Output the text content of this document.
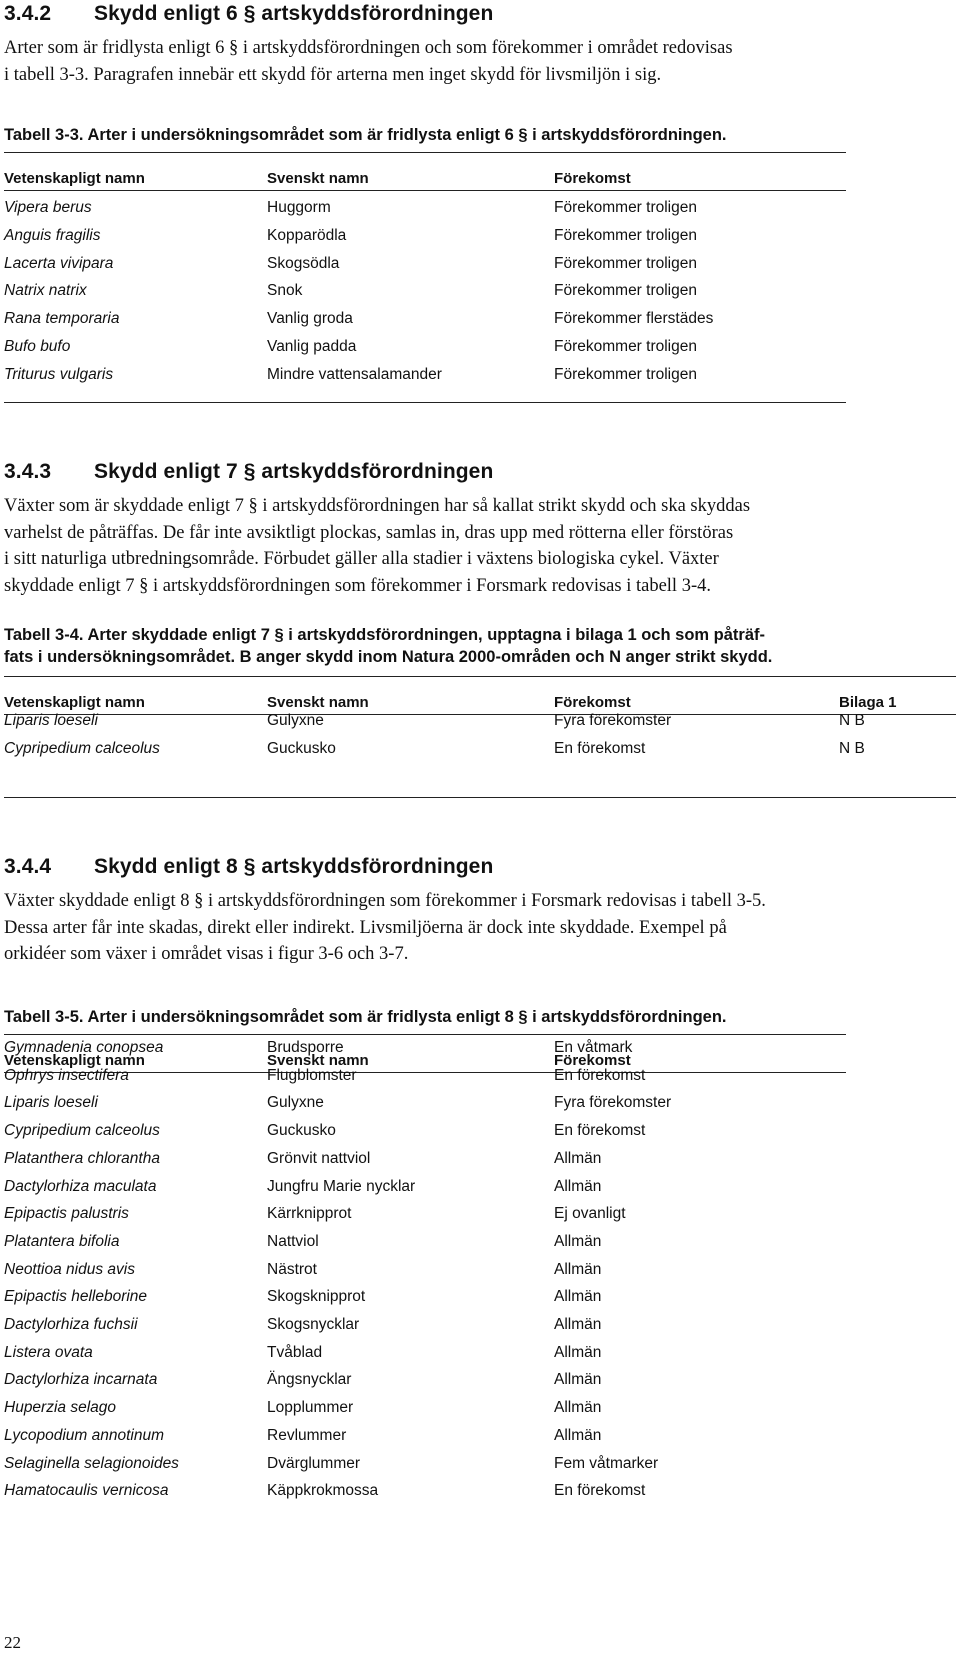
3.4.2 Skydd enligt 6 § artskyddsförordningen
Arter som är fridlysta enligt 6 § i artskyddsförordningen och som förekommer i området redovisas
i tabell 3-3. Paragrafen innebär ett skydd för arterna men inget skydd för livsmiljön i sig.
Tabell 3-3. Arter i undersökningsområdet som är fridlysta enligt 6 § i artskyddsförordningen.
Vetenskapligt namn	Svenskt namn	Förekomst
Vipera berus	Huggorm	Förekommer troligen
Anguis fragilis	Kopparödla	Förekommer troligen
Lacerta vivipara	Skogsödla	Förekommer troligen
Natrix natrix	Snok	Förekommer troligen
Rana temporaria	Vanlig groda	Förekommer flerstädes
Bufo bufo	Vanlig padda	Förekommer troligen
Triturus vulgaris	Mindre vattensalamander	Förekommer troligen
3.4.3 Skydd enligt 7 § artskyddsförordningen
Växter som är skyddade enligt 7 § i artskyddsförordningen har så kallat strikt skydd och ska skyddas
varhelst de påträffas. De får inte avsiktligt plockas, samlas in, dras upp med rötterna eller förstöras
i sitt naturliga utbredningsområde. Förbudet gäller alla stadier i växtens biologiska cykel. Växter
skyddade enligt 7 § i artskyddsförordningen som förekommer i Forsmark redovisas i tabell 3-4.
Tabell 3-4. Arter skyddade enligt 7 § i artskyddsförordningen, upptagna i bilaga 1 och som påträf-
fats i undersökningsområdet. B anger skydd inom Natura 2000-områden och N anger strikt skydd.
Vetenskapligt namn	Svenskt namn	Förekomst	Bilaga 1
Liparis loeseli	Gulyxne	Fyra förekomster	N B
Cypripedium calceolus	Guckusko	En förekomst	N B
3.4.4 Skydd enligt 8 § artskyddsförordningen
Växter skyddade enligt 8 § i artskyddsförordningen som förekommer i Forsmark redovisas i tabell 3-5.
Dessa arter får inte skadas, direkt eller indirekt. Livsmiljöerna är dock inte skyddade. Exempel på
orkidéer som växer i området visas i figur 3-6 och 3-7.
Tabell 3-5. Arter i undersökningsområdet som är fridlysta enligt 8 § i artskyddsförordningen.
Vetenskapligt namn	Svenskt namn	Förekomst
Gymnadenia conopsea	Brudsporre	En våtmark
Ophrys insectifera	Flugblomster	En förekomst
Liparis loeseli	Gulyxne	Fyra förekomster
Cypripedium calceolus	Guckusko	En förekomst
Platanthera chlorantha	Grönvit nattviol	Allmän
Dactylorhiza maculata	Jungfru Marie nycklar	Allmän
Epipactis palustris	Kärrknipprot	Ej ovanligt
Platantera bifolia	Nattviol	Allmän
Neottioa nidus avis	Nästrot	Allmän
Epipactis helleborine	Skogsknipprot	Allmän
Dactylorhiza fuchsii	Skogsnycklar	Allmän
Listera ovata	Tvåblad	Allmän
Dactylorhiza incarnata	Ängsnycklar	Allmän
Huperzia selago	Lopplummer	Allmän
Lycopodium annotinum	Revlummer	Allmän
Selaginella selagionoides	Dvärglummer	Fem våtmarker
Hamatocaulis vernicosa	Käppkrokmossa	En förekomst
22
